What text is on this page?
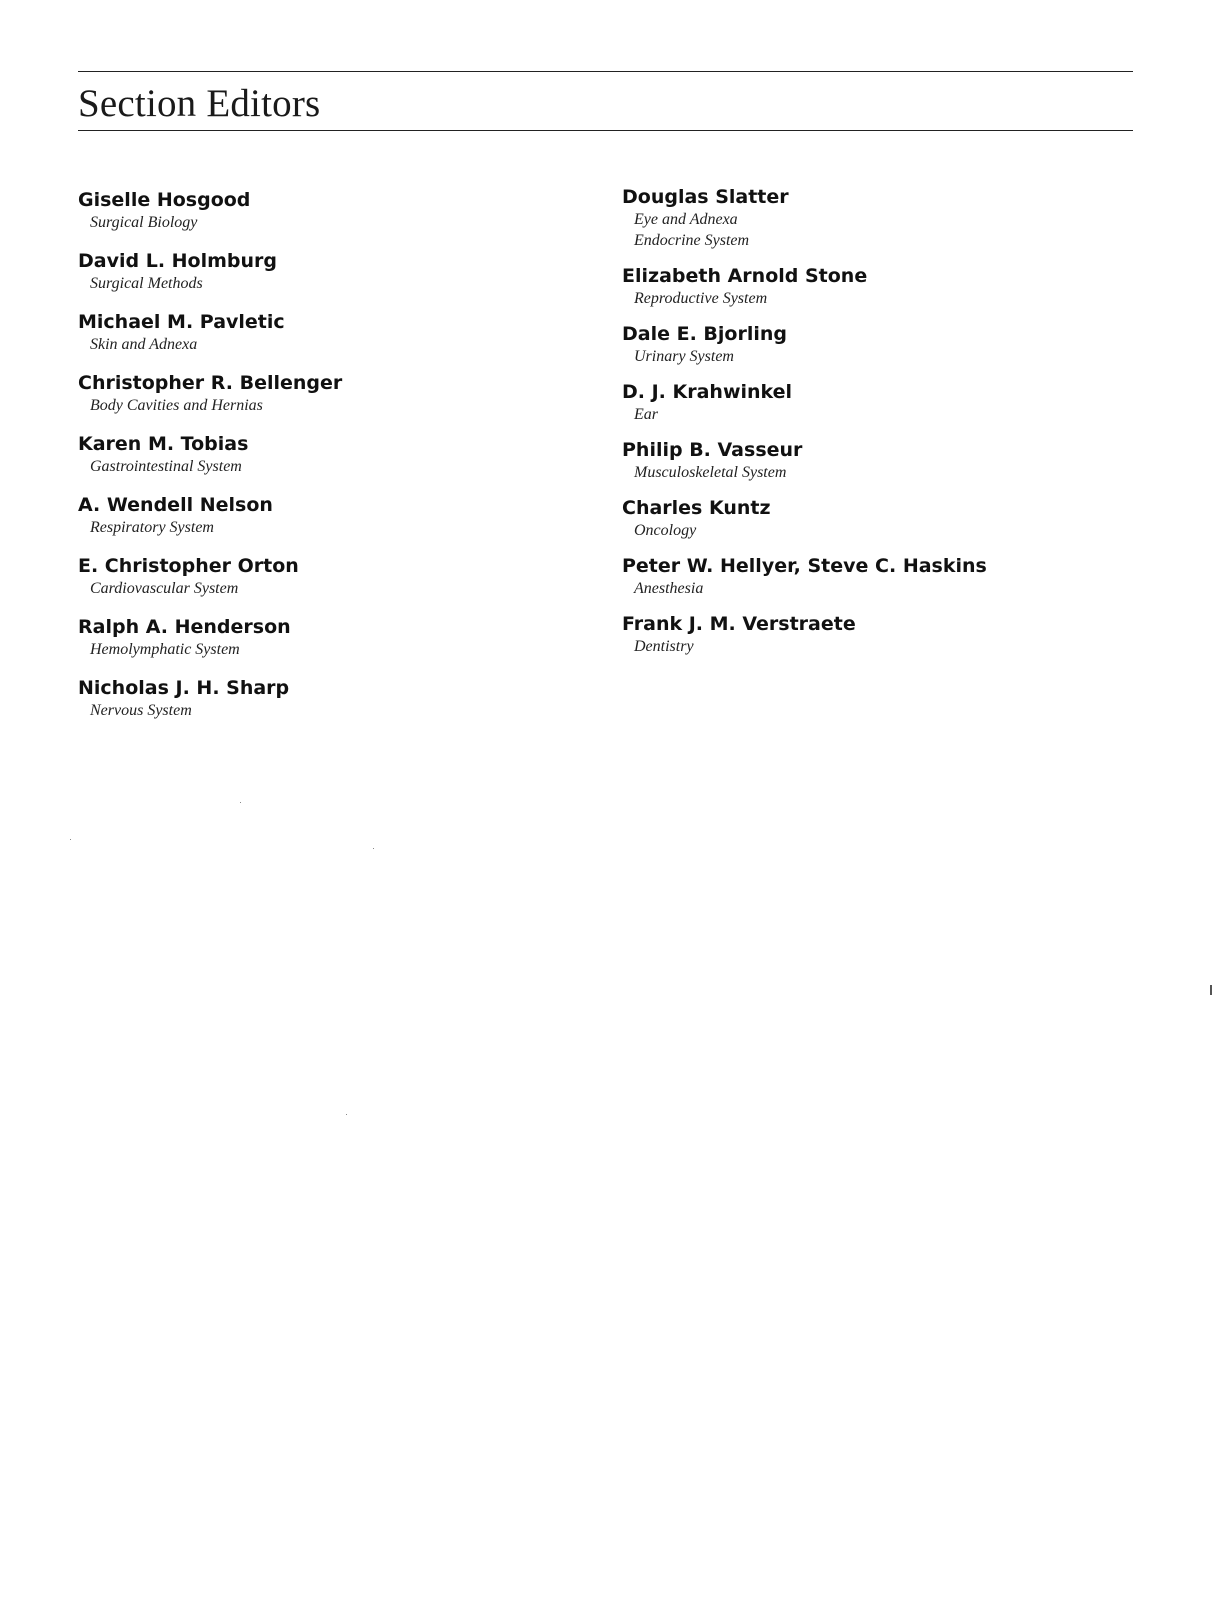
Section Editors
Giselle Hosgood
Surgical Biology
David L. Holmburg
Surgical Methods
Michael M. Pavletic
Skin and Adnexa
Christopher R. Bellenger
Body Cavities and Hernias
Karen M. Tobias
Gastrointestinal System
A. Wendell Nelson
Respiratory System
E. Christopher Orton
Cardiovascular System
Ralph A. Henderson
Hemolymphatic System
Nicholas J. H. Sharp
Nervous System
Douglas Slatter
Eye and Adnexa
Endocrine System
Elizabeth Arnold Stone
Reproductive System
Dale E. Bjorling
Urinary System
D. J. Krahwinkel
Ear
Philip B. Vasseur
Musculoskeletal System
Charles Kuntz
Oncology
Peter W. Hellyer, Steve C. Haskins
Anesthesia
Frank J. M. Verstraete
Dentistry
